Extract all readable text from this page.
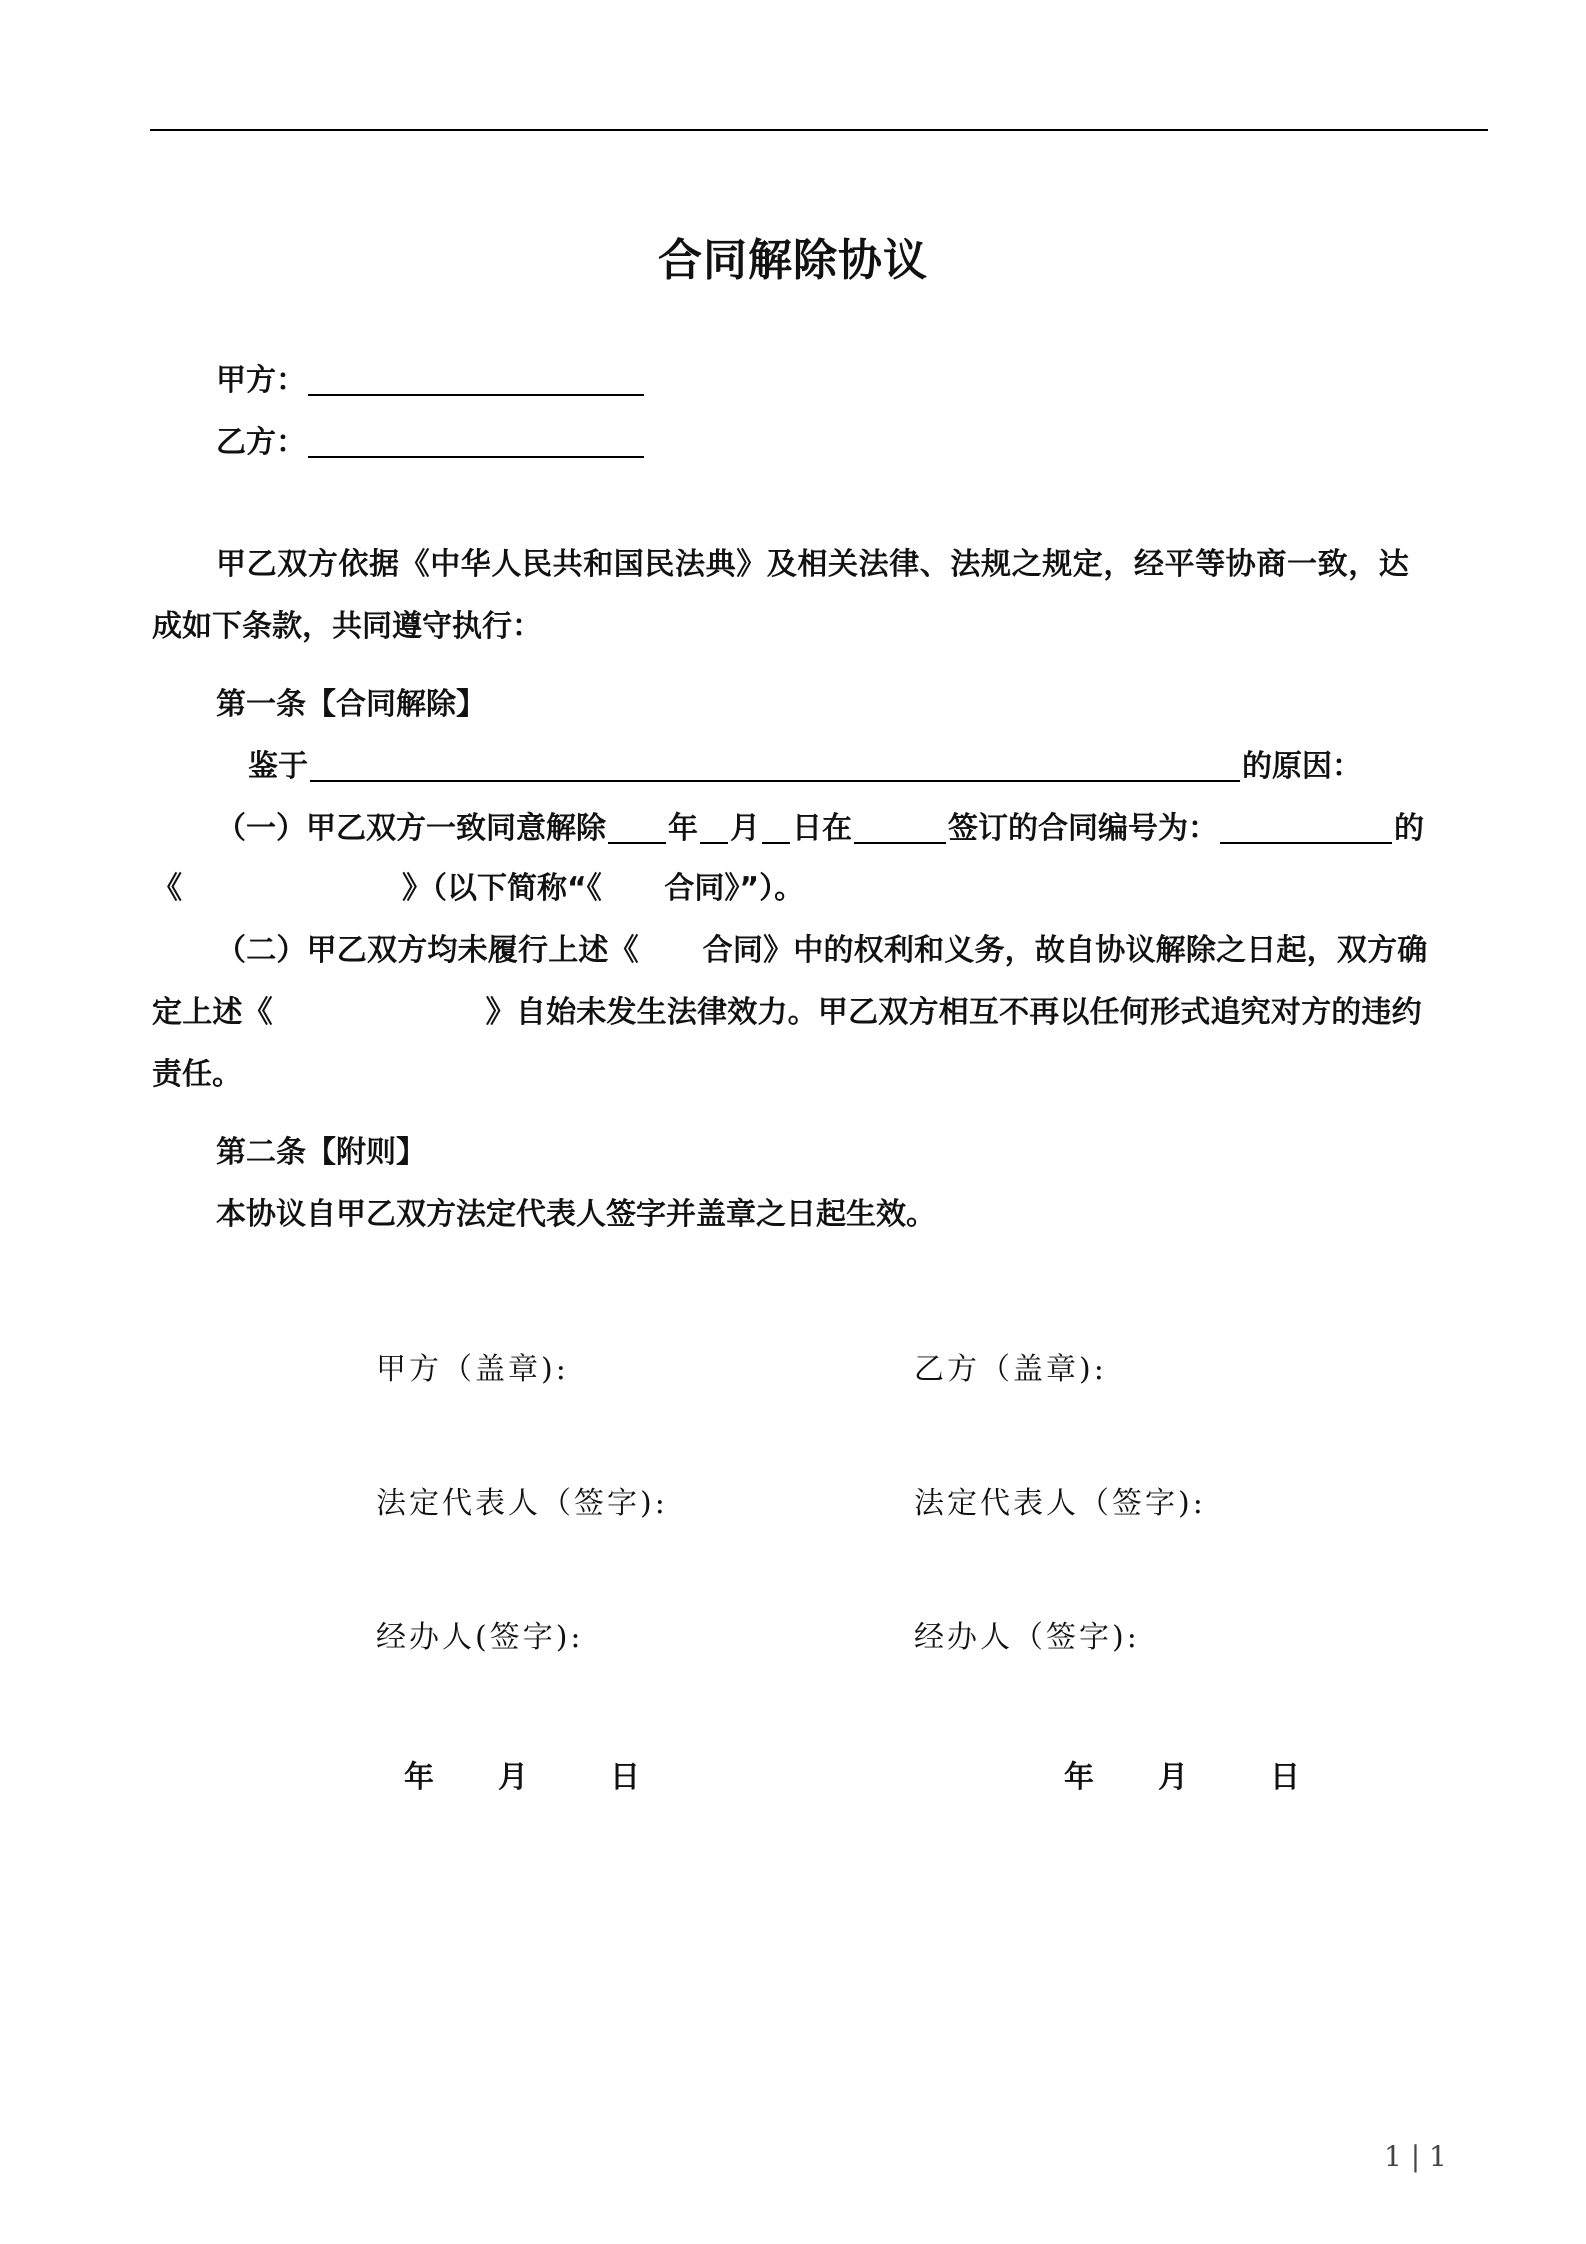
合同解除协议
甲方：
乙方：
甲乙双方依据《中华人民共和国民法典》及相关法律、法规之规定，经平等协商一致，达
成如下条款，共同遵守执行：
第一条【合同解除】
鉴于	的原因：
（一）甲乙双方一致同意解除 年 月 日在	签订的合同编号为：	的
《	》（以下简称“《      合同》”）。
（二）甲乙双方均未履行上述《      合同》中的权利和义务，故自协议解除之日起，双方确
定上述《                    》自始未发生法律效力。甲乙双方相互不再以任何形式追究对方的违约
责任。
第二条【附则】
本协议自甲乙双方法定代表人签字并盖章之日起生效。
甲方（盖章):
法定代表人（签字):
经办人(签字):
年 月	日
乙方（盖章):
法定代表人（签字):
经办人（签字):
年 月	日
1 | 1
